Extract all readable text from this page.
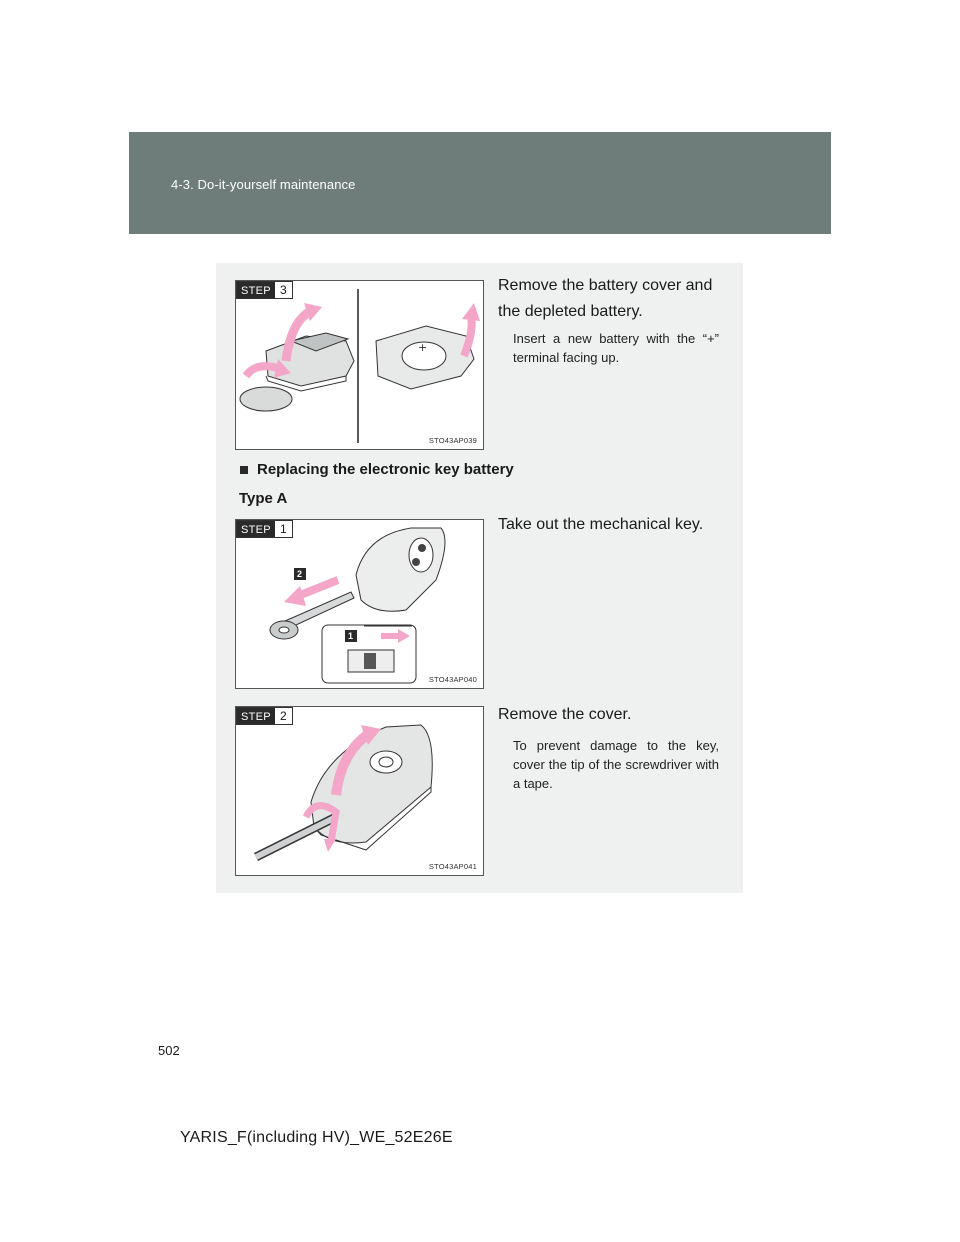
4-3. Do-it-yourself maintenance
+
STEP 3
STO43AP039
Remove the battery cover and the depleted battery.
Insert a new battery with the “+” terminal facing up.
Replacing the electronic key battery
Type A
1
2
STEP 1
STO43AP040
Take out the mechanical key.
STEP 2
STO43AP041
Remove the cover.
To prevent damage to the key, cover the tip of the screwdriver with a tape.
502
YARIS_F(including HV)_WE_52E26E
